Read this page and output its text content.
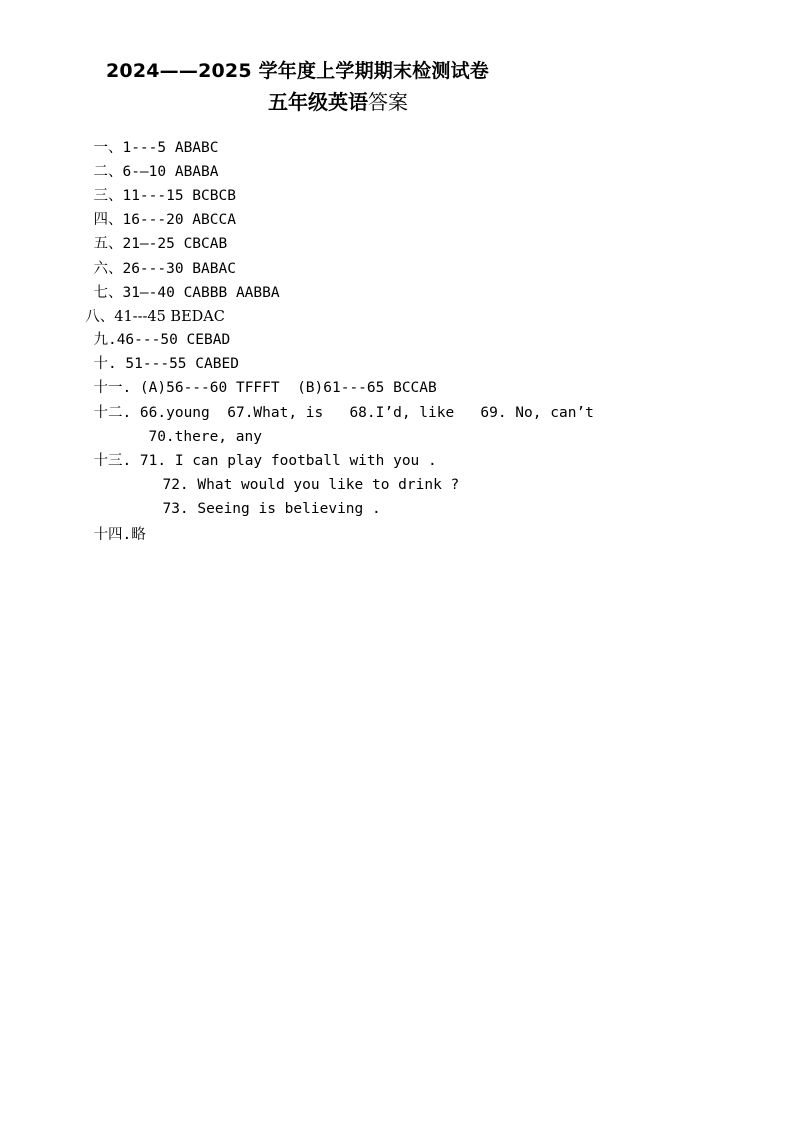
2024——2025 学年度上学期期末检测试卷
五年级英语答案

一、1---5 ABABC

二、6-—10 ABABA

三、11---15 BCBCB

四、16---20 ABCCA

五、21—-25 CBCAB

六、26---30 BABAC

七、31—-40 CABBB AABBA

八、41---45 BEDAC

九.46---50 CEBAD

十. 51---55 CABED

十一. (A)56---60 TFFFT  (B)61---65 BCCAB

十二. 66.young  67.What, is   68.I’d, like   69. No, can’t

70.there, any

十三. 71. I can play football with you .

72. What would you like to drink ?

73. Seeing is believing .

十四.略
